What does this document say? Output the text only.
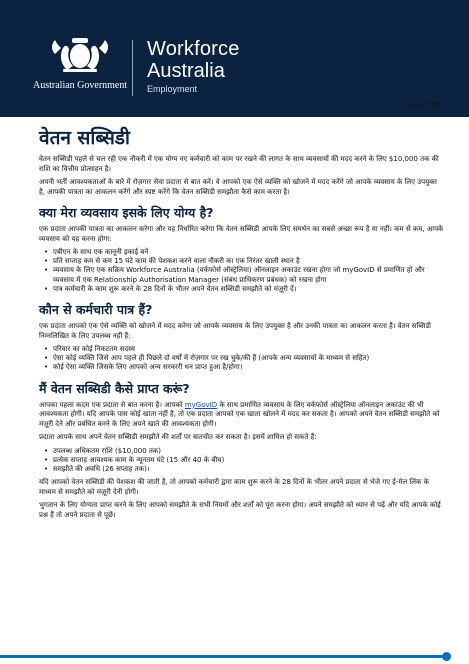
Australian Government
Workforce
Australia
Employment
Hindi | हिंदी
वेतन सब्सिडी

वेतन सब्सिडी पहले से चल रही एक नौकरी में एक योग्य नए कर्मचारी को काम पर रखने की लागत के साथ व्यवसायों की मदद करने के लिए $10,000 तक की राशि का वित्तीय प्रोत्साहन है।

अपनी भर्ती आवश्यकताओं के बारे में रोज़गार सेवा प्रदाता से बात करें। वे आपको एक ऐसे व्यक्ति को खोजने में मदद करेंगे जो आपके व्यवसाय के लिए उपयुक्त है, आपकी पात्रता का आकलन करेंगे और स्पष्ट करेंगे कि वेतन सब्सिडी समझौता कैसे काम करता है।

क्या मेरा व्यवसाय इसके लिए योग्य है?

एक प्रदाता आपकी पात्रता का आकलन करेगा और यह निर्धारित करेगा कि वेतन सब्सिडी आपके लिए समर्थन का सबसे अच्छा रूप है या नहीं। कम से कम, आपके व्यवसाय को यह करना होगा:

• एबीएन के साथ एक कानूनी इकाई बनें
• प्रति सप्ताह कम से कम 15 घंटे काम की पेशकश करने वाला नौकरी का एक निरंतर खाली स्थान है
• व्यवसाय के लिए एक सक्रिय Workforce Australia (वर्कफोर्स ऑस्ट्रेलिया) ऑनलाइन अकाउंट रखना होगा जो myGovID से प्रमाणित हो और व्यवसाय में एक Relationship Authorisation Manager (संबंध प्राधिकरण प्रबंधक) को रखना होगा
• पात्र कर्मचारी के काम शुरू करने के 28 दिनों के भीतर अपने वेतन सब्सिडी समझौते को मंज़ूरी दें।
कौन से कर्मचारी पात्र हैं?

एक प्रदाता आपको एक ऐसे व्यक्ति को खोजने में मदद करेगा जो आपके व्यवसाय के लिए उपयुक्त है और उनकी पात्रता का आकलन करता है। वेतन सब्सिडी निम्नलिखित के लिए उपलब्ध नहीं हैं:

• परिवार का कोई निकटतम सदस्य
• ऐसा कोई व्यक्ति जिसे आप पहले ही पिछले दो वर्षों में रोज़गार पर रख चुके/की हैं (आपके अन्य व्यवसायों के माध्यम से सहित)
• कोई ऐसा व्यक्ति जिसके लिए आपको अन्य सरकारी धन प्राप्त हुआ है/होगा।
मैं वेतन सब्सिडी कैसे प्राप्त करूं?

आपका पहला कदम एक प्रदाता से बात करना है। आपको myGovID के साथ प्रमाणित व्यवसाय के लिए वर्कफोर्स ऑस्ट्रेलिया ऑनलाइन अकाउंट की भी आवश्यकता होगी। यदि आपके पास कोई खाता नहीं है, तो एक प्रदाता आपको एक खाता खोलने में मदद कर सकता है। आपको अपने वेतन सब्सिडी समझौते को मंज़ूरी देने और प्रबंधित करने के लिए अपने खाते की आवश्यकता होगी।

प्रदाता आपके साथ अपने वेतन सब्सिडी समझौते की शर्तों पर बातचीत कर सकता है। इसमें शामिल हो सकते हैं:

• उपलब्ध अधिकतम राशि ($10,000 तक)
• प्रत्येक सप्ताह आवश्यक काम के न्यूनतम घंटे (15 और 40 के बीच)
• समझौते की अवधि (26 सप्ताह तक)।

यदि आपको वेतन सब्सिडी की पेशकश की जाती है, तो आपको कर्मचारी द्वारा काम शुरू करने के 28 दिनों के भीतर अपने प्रदाता से भेजे गए ई-मेल लिंक के माध्यम से समझौते को मंज़ूरी देनी होगी।

भुगतान के लिए योग्यता प्राप्त करने के लिए आपको समझौते के सभी नियमों और शर्तों को पूरा करना होगा। अपने समझौते को ध्यान से पढ़ें और यदि आपके कोई प्रश्न हैं तो अपने प्रदाता से पूछें।
